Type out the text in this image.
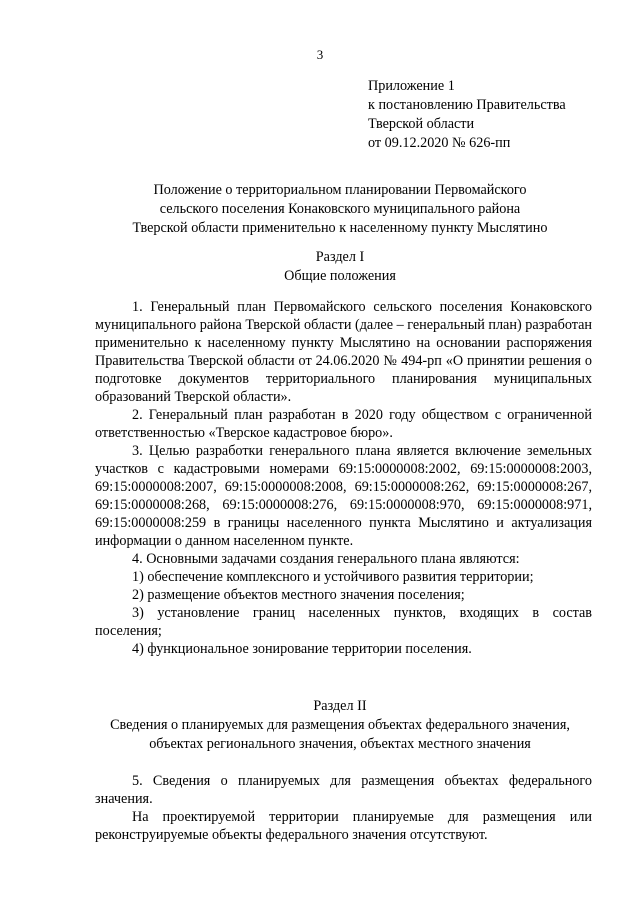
3
Приложение 1
к постановлению Правительства
Тверской области
от 09.12.2020 № 626-пп
Положение о территориальном планировании Первомайского
сельского поселения Конаковского муниципального района
Тверской области применительно к населенному пункту Мыслятино
Раздел I
Общие положения

1. Генеральный план Первомайского сельского поселения Конаковского муниципального района Тверской области (далее – генеральный план) разработан применительно к населенному пункту Мыслятино на основании распоряжения Правительства Тверской области от 24.06.2020 № 494-рп «О принятии решения о подготовке документов территориального планирования муниципальных образований Тверской области».

2. Генеральный план разработан в 2020 году обществом с ограниченной ответственностью «Тверское кадастровое бюро».

3. Целью разработки генерального плана является включение земельных участков с кадастровыми номерами 69:15:0000008:2002, 69:15:0000008:2003, 69:15:0000008:2007, 69:15:0000008:2008, 69:15:0000008:262, 69:15:0000008:267, 69:15:0000008:268, 69:15:0000008:276, 69:15:0000008:970, 69:15:0000008:971, 69:15:0000008:259 в границы населенного пункта Мыслятино и актуализация информации о данном населенном пункте.

4. Основными задачами создания генерального плана являются:

1) обеспечение комплексного и устойчивого развития территории;

2) размещение объектов местного значения поселения;

3) установление границ населенных пунктов, входящих в состав поселения;

4) функциональное зонирование территории поселения.

Раздел II
Сведения о планируемых для размещения объектах федерального значения,
объектах регионального значения, объектах местного значения

5. Сведения о планируемых для размещения объектах федерального значения.

На проектируемой территории планируемые для размещения или реконструируемые объекты федерального значения отсутствуют.
